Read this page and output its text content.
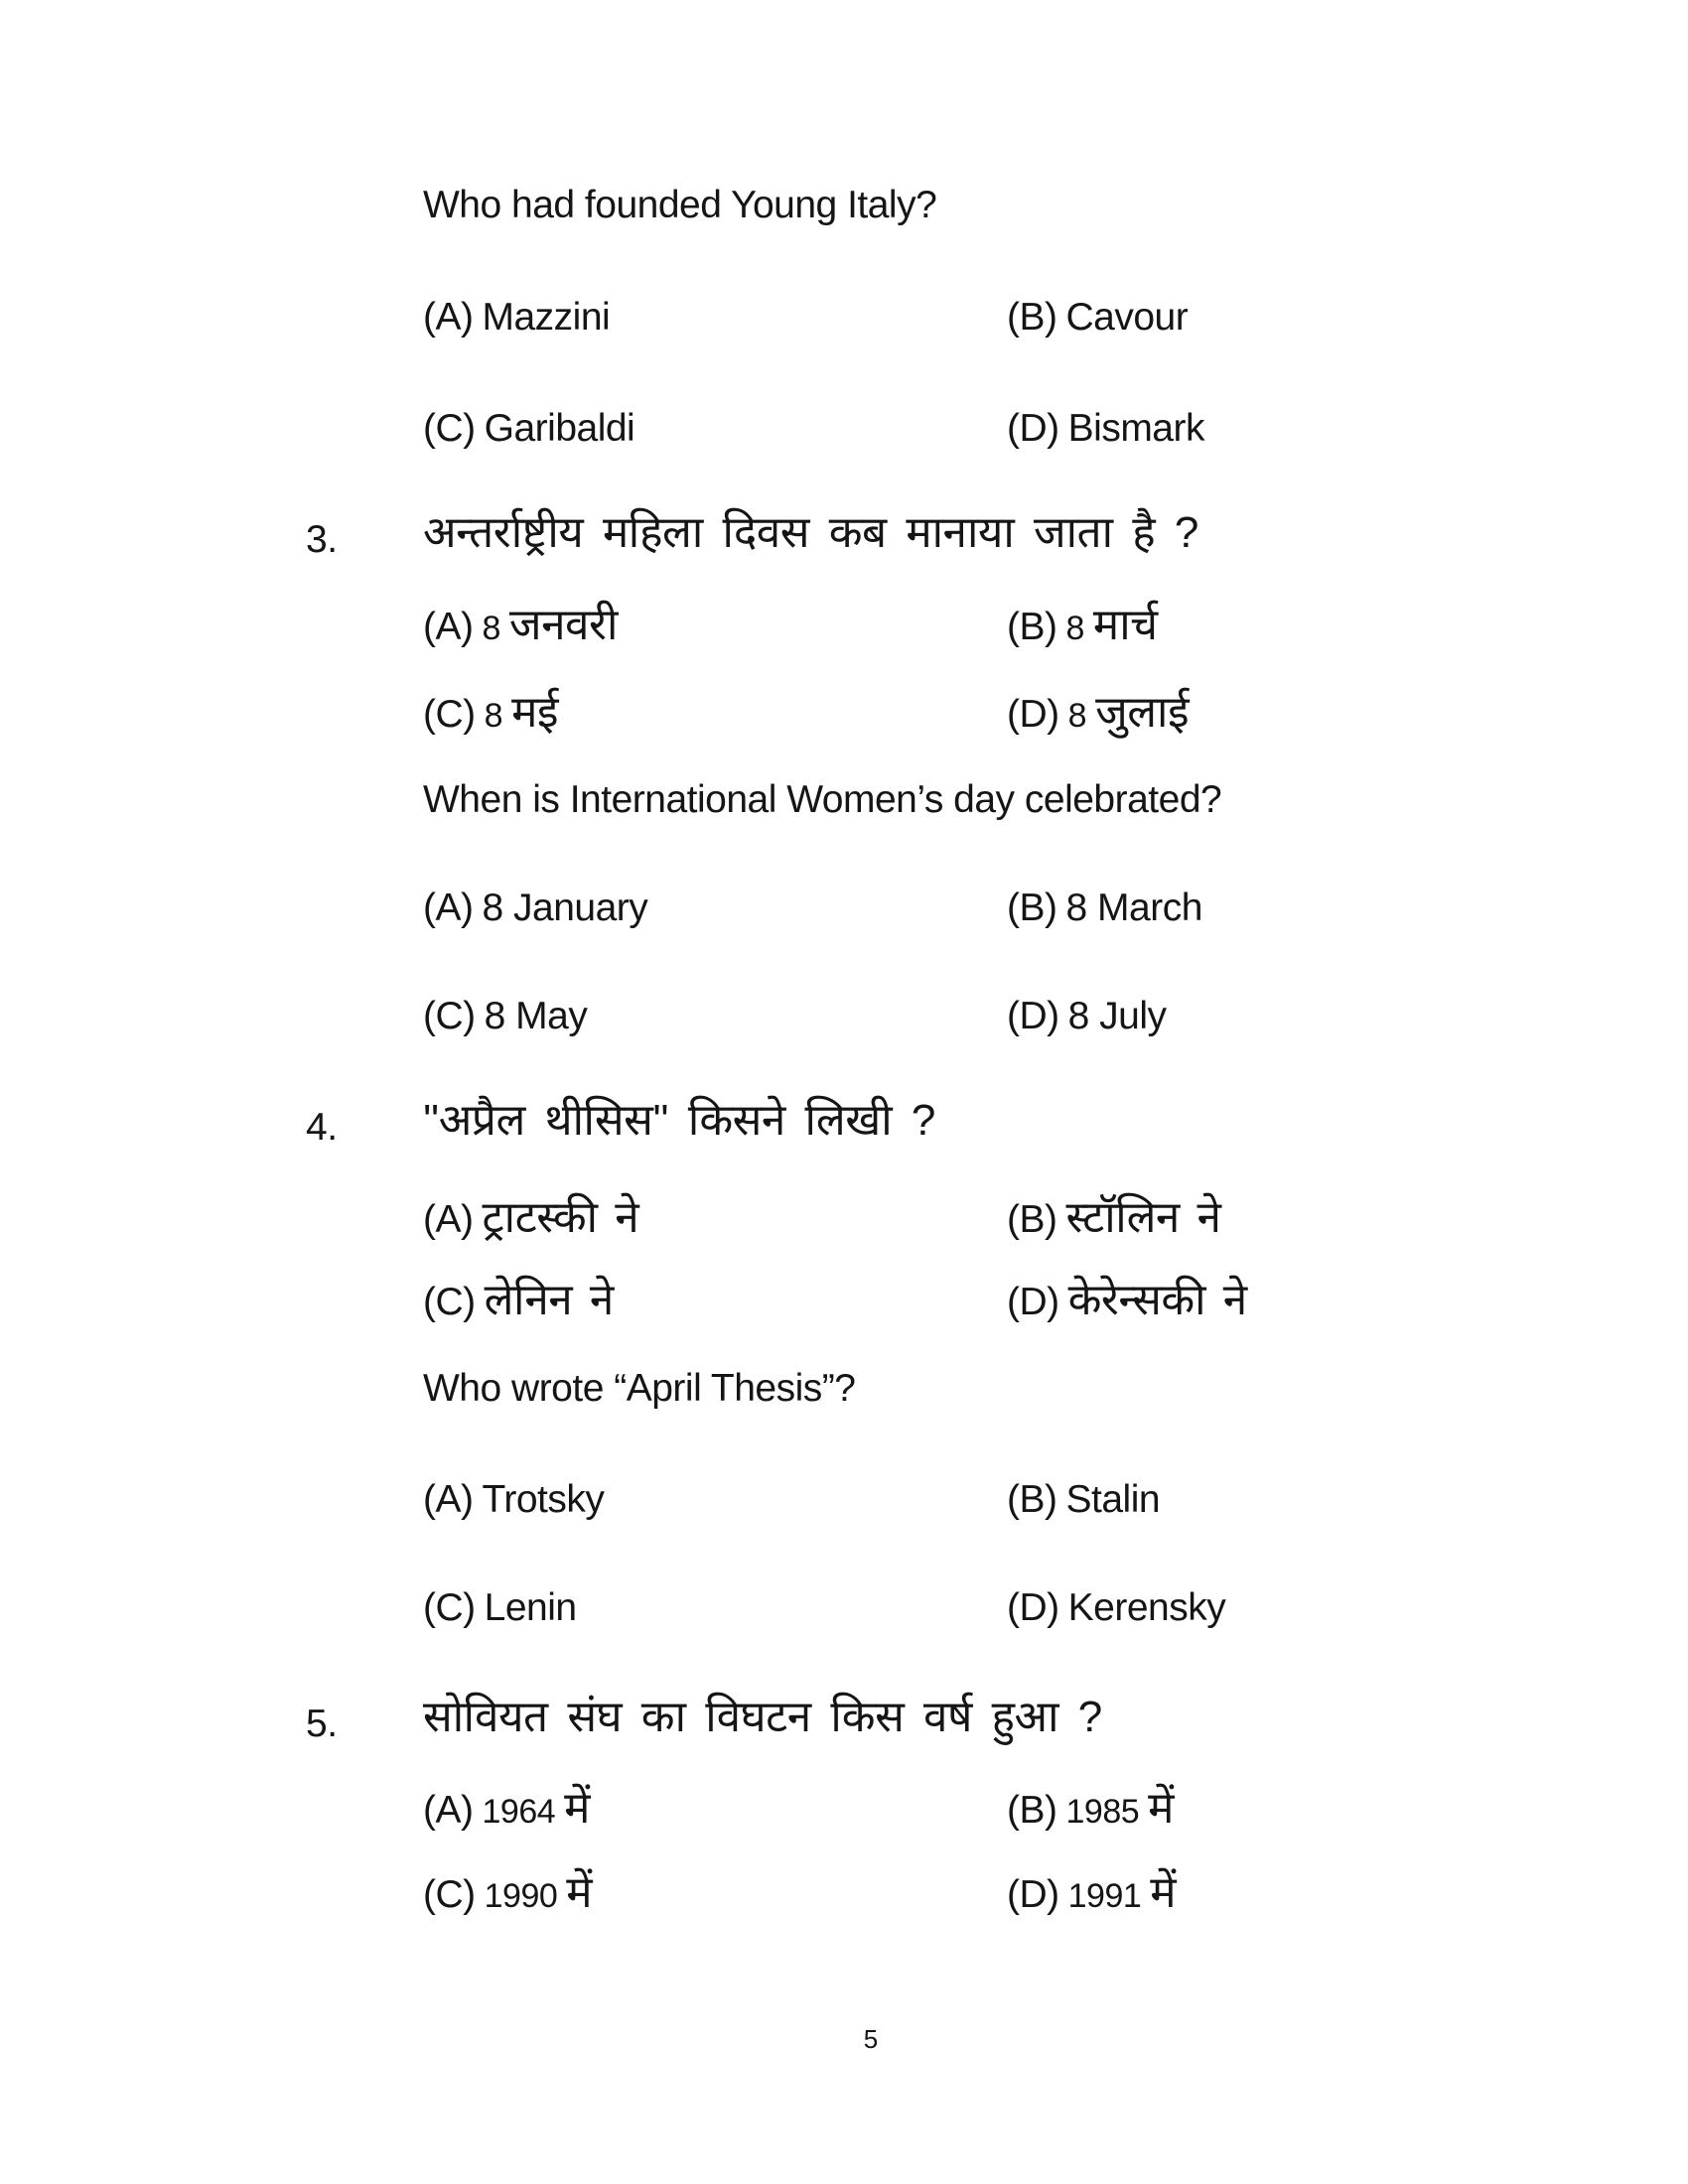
Who had founded Young Italy?
(A) Mazzini	(B) Cavour
(C) Garibaldi	(D) Bismark
3. अन्तर्राष्ट्रीय महिला दिवस कब मानाया जाता है ?
(A) 8 जनवरी	(B) 8 मार्च
(C) 8 मई	(D) 8 जुलाई
When is International Women’s day celebrated?
(A) 8 January	(B) 8 March
(C) 8 May	(D) 8 July
4. ''अप्रैल थीसिस'' किसने लिखी ?
(A) ट्राटस्की ने	(B) स्टॉलिन ने
(C) लेनिन ने	(D) केरेन्सकी ने
Who wrote “April Thesis”?
(A) Trotsky	(B) Stalin
(C) Lenin	(D) Kerensky
5. सोवियत संघ का विघटन किस वर्ष हुआ ?
(A) 1964 में	(B) 1985 में
(C) 1990 में	(D) 1991 में
5
